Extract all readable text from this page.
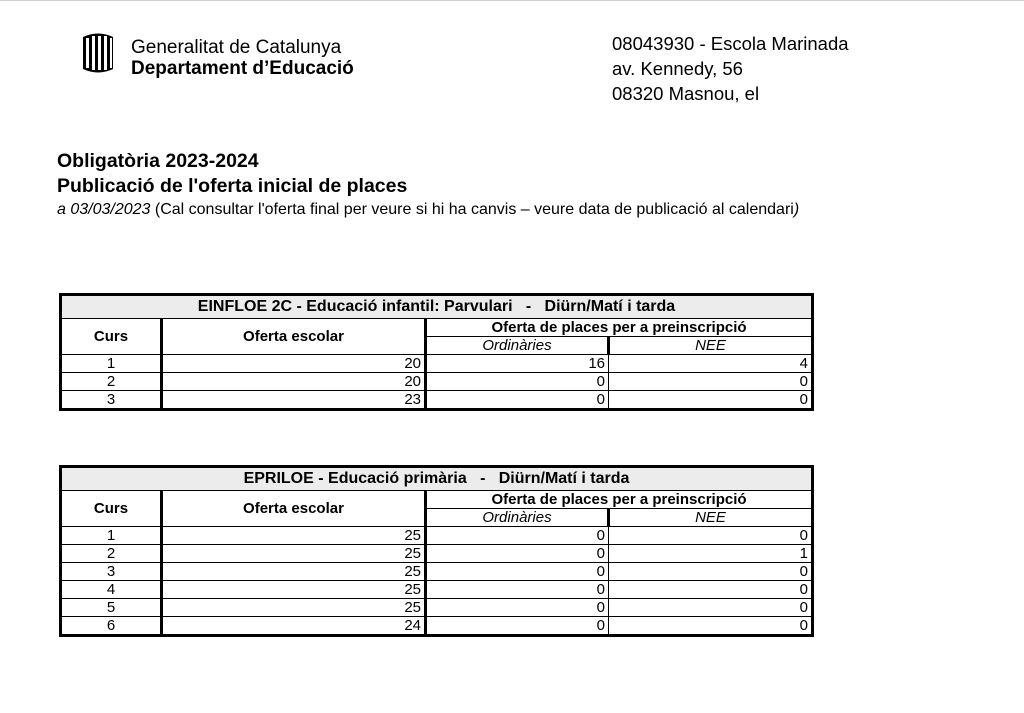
Generalitat de Catalunya
Departament d’Educació
08043930 - Escola Marinada
av. Kennedy, 56
08320 Masnou, el
Obligatòria 2023-2024
Publicació de l'oferta inicial de places
a 03/03/2023 (Cal consultar l'oferta final per veure si hi ha canvis – veure data de publicació al calendari)
EINFLOE 2C - Educació infantil: Parvulari   -   Diürn/Matí i tarda			
Curs	Oferta escolar	Oferta de places per a preinscripció	
		Ordinàries	NEE
1	20	16	4
2	20	0	0
3	23	0	0
EPRILOE - Educació primària   -   Diürn/Matí i tarda			
Curs	Oferta escolar	Oferta de places per a preinscripció	
		Ordinàries	NEE
1	25	0	0
2	25	0	1
3	25	0	0
4	25	0	0
5	25	0	0
6	24	0	0
